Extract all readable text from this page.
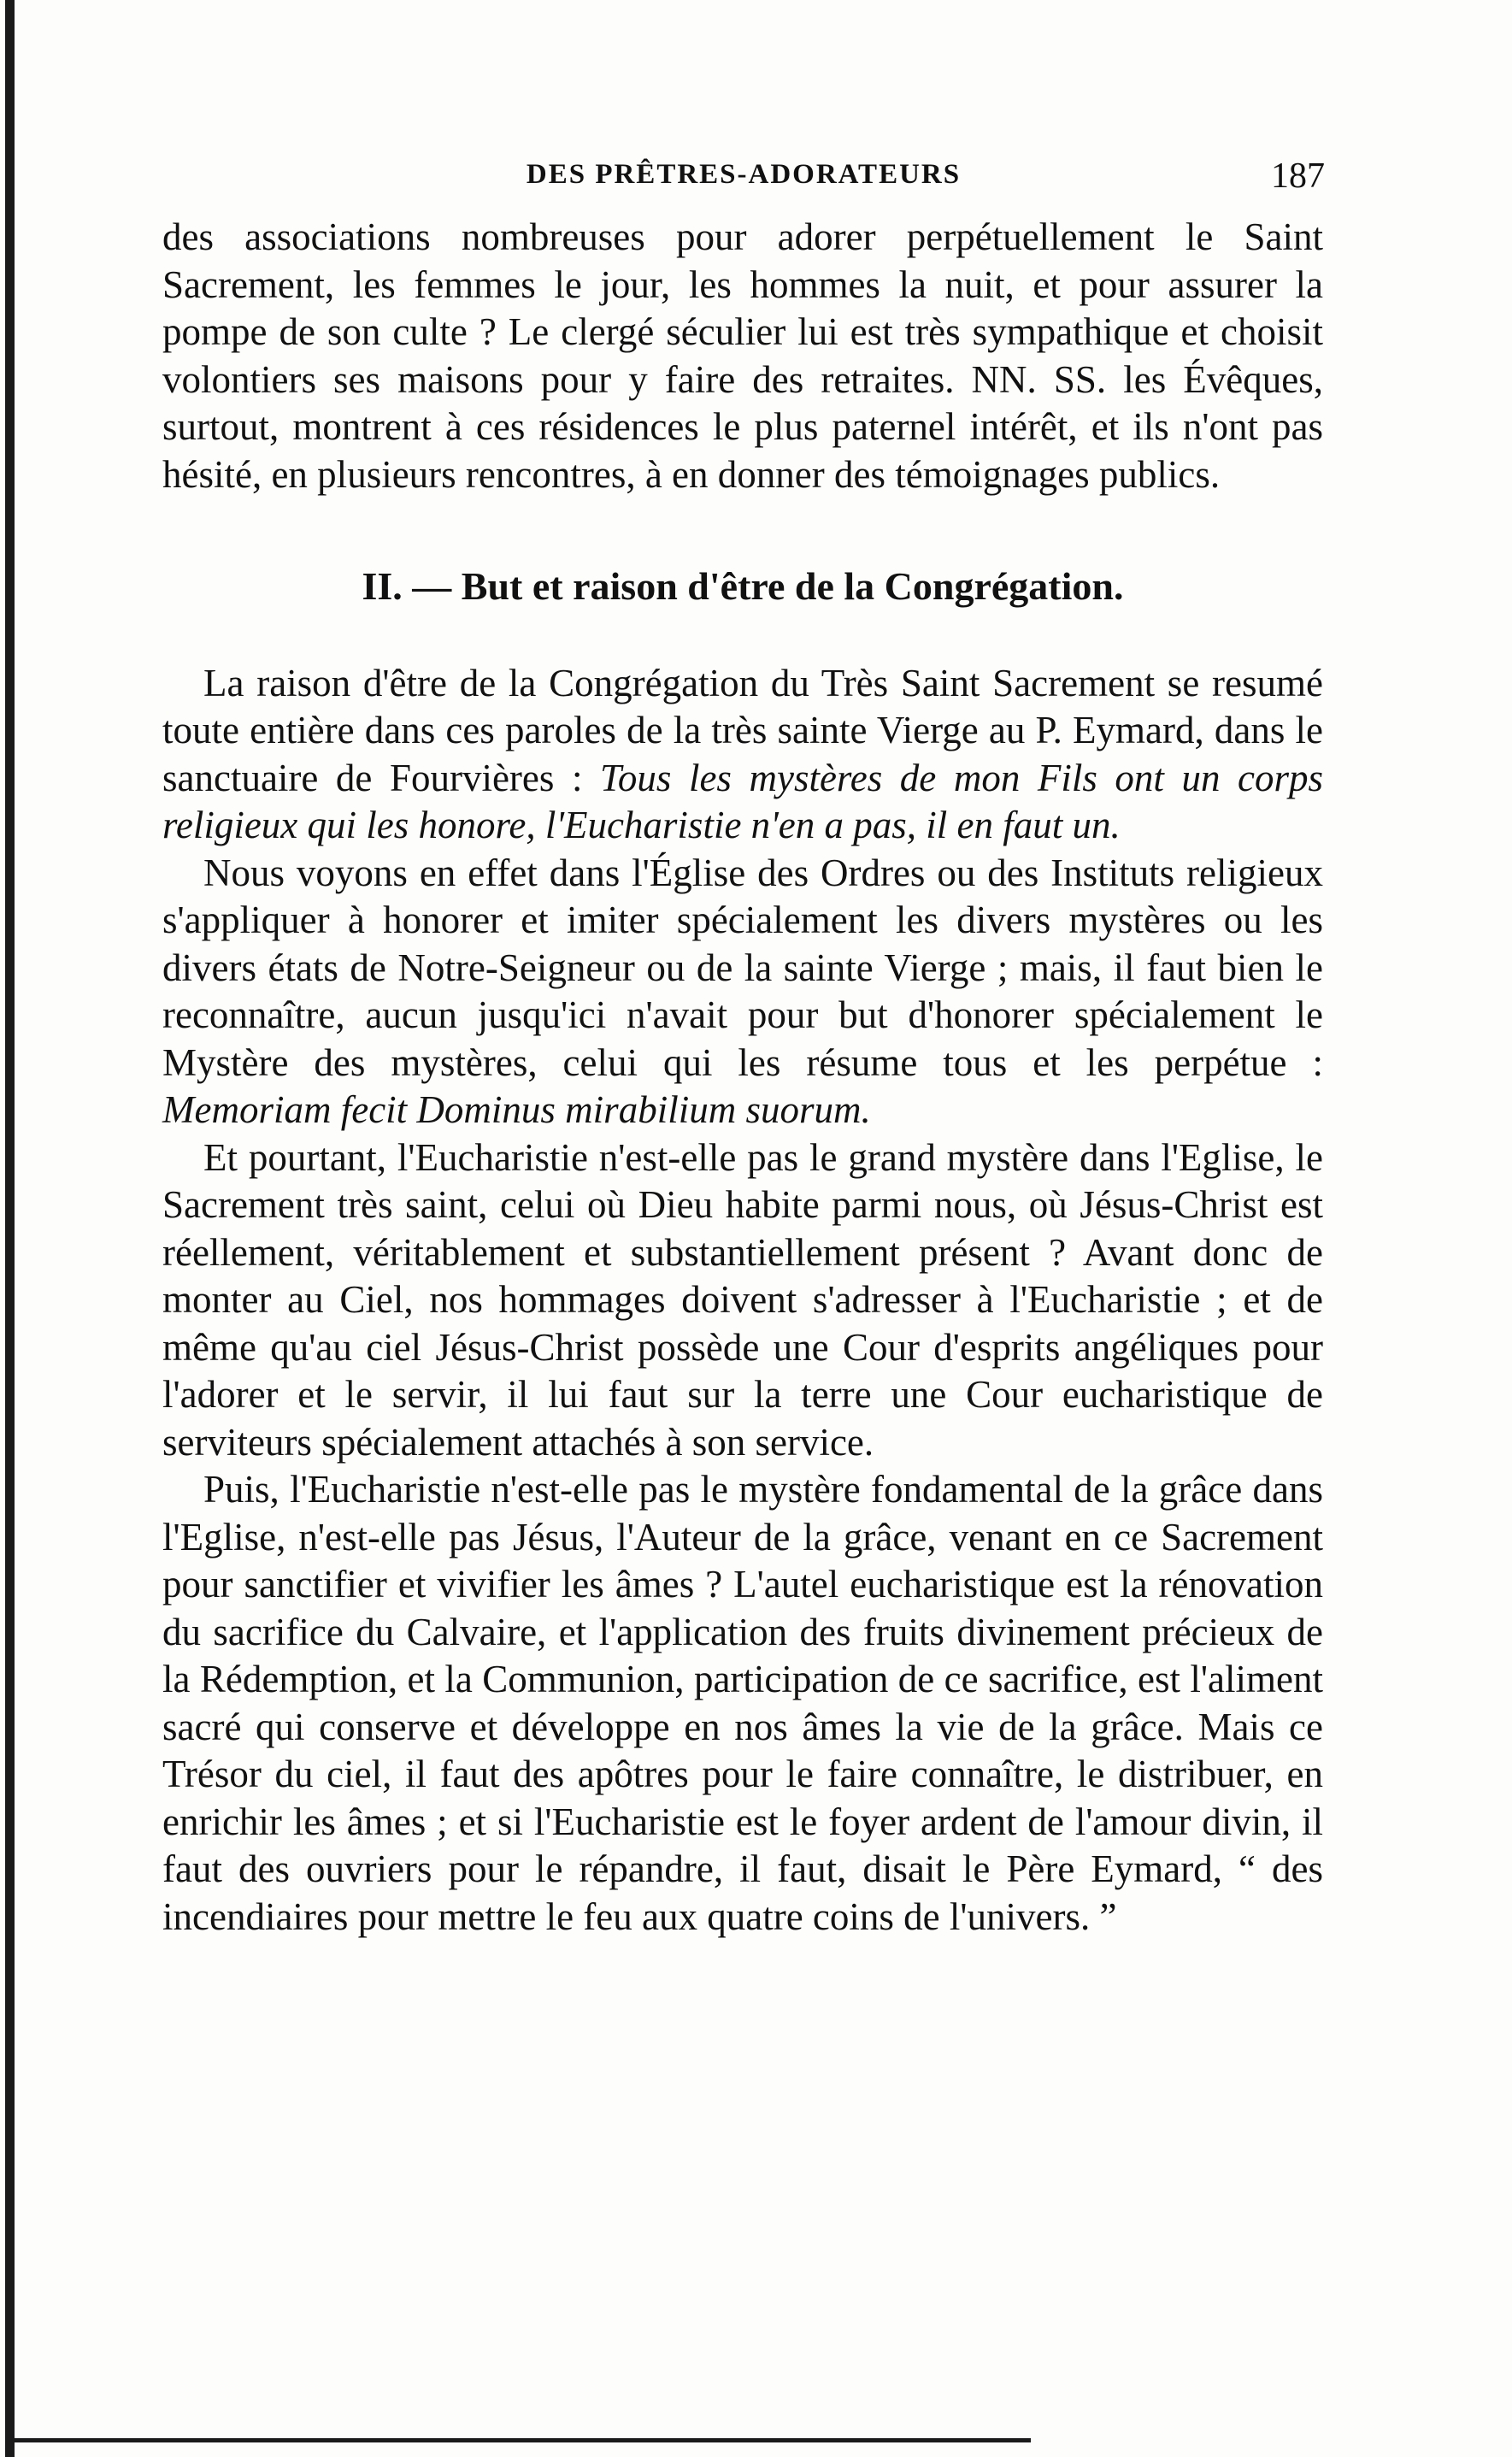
DES PRÊTRES-ADORATEURS	187

des associations nombreuses pour adorer perpétuellement le Saint Sacrement, les femmes le jour, les hommes la nuit, et pour assurer la pompe de son culte ? Le clergé séculier lui est très sympathique et choisit volontiers ses maisons pour y faire des retraites. NN. SS. les Évêques, surtout, montrent à ces résidences le plus paternel intérêt, et ils n'ont pas hésité, en plusieurs rencontres, à en donner des témoignages publics.

II. — But et raison d'être de la Congrégation.

La raison d'être de la Congrégation du Très Saint Sacrement se resumé toute entière dans ces paroles de la très sainte Vierge au P. Eymard, dans le sanctuaire de Fourvières : Tous les mystères de mon Fils ont un corps religieux qui les honore, l'Eucharistie n'en a pas, il en faut un.

Nous voyons en effet dans l'Église des Ordres ou des Instituts religieux s'appliquer à honorer et imiter spécialement les divers mystères ou les divers états de Notre-Seigneur ou de la sainte Vierge ; mais, il faut bien le reconnaître, aucun jusqu'ici n'avait pour but d'honorer spécialement le Mystère des mystères, celui qui les résume tous et les perpétue : Memoriam fecit Dominus mirabilium suorum.

Et pourtant, l'Eucharistie n'est-elle pas le grand mystère dans l'Eglise, le Sacrement très saint, celui où Dieu habite parmi nous, où Jésus-Christ est réellement, véritablement et substantiellement présent ? Avant donc de monter au Ciel, nos hommages doivent s'adresser à l'Eucharistie ; et de même qu'au ciel Jésus-Christ possède une Cour d'esprits angéliques pour l'adorer et le servir, il lui faut sur la terre une Cour eucharistique de serviteurs spécialement attachés à son service.

Puis, l'Eucharistie n'est-elle pas le mystère fondamental de la grâce dans l'Eglise, n'est-elle pas Jésus, l'Auteur de la grâce, venant en ce Sacrement pour sanctifier et vivifier les âmes ? L'autel eucharistique est la rénovation du sacrifice du Calvaire, et l'application des fruits divinement précieux de la Rédemption, et la Communion, participation de ce sacrifice, est l'aliment sacré qui conserve et développe en nos âmes la vie de la grâce. Mais ce Trésor du ciel, il faut des apôtres pour le faire connaître, le distribuer, en enrichir les âmes ; et si l'Eucharistie est le foyer ardent de l'amour divin, il faut des ouvriers pour le répandre, il faut, disait le Père Eymard, “ des incendiaires pour mettre le feu aux quatre coins de l'univers. ”
